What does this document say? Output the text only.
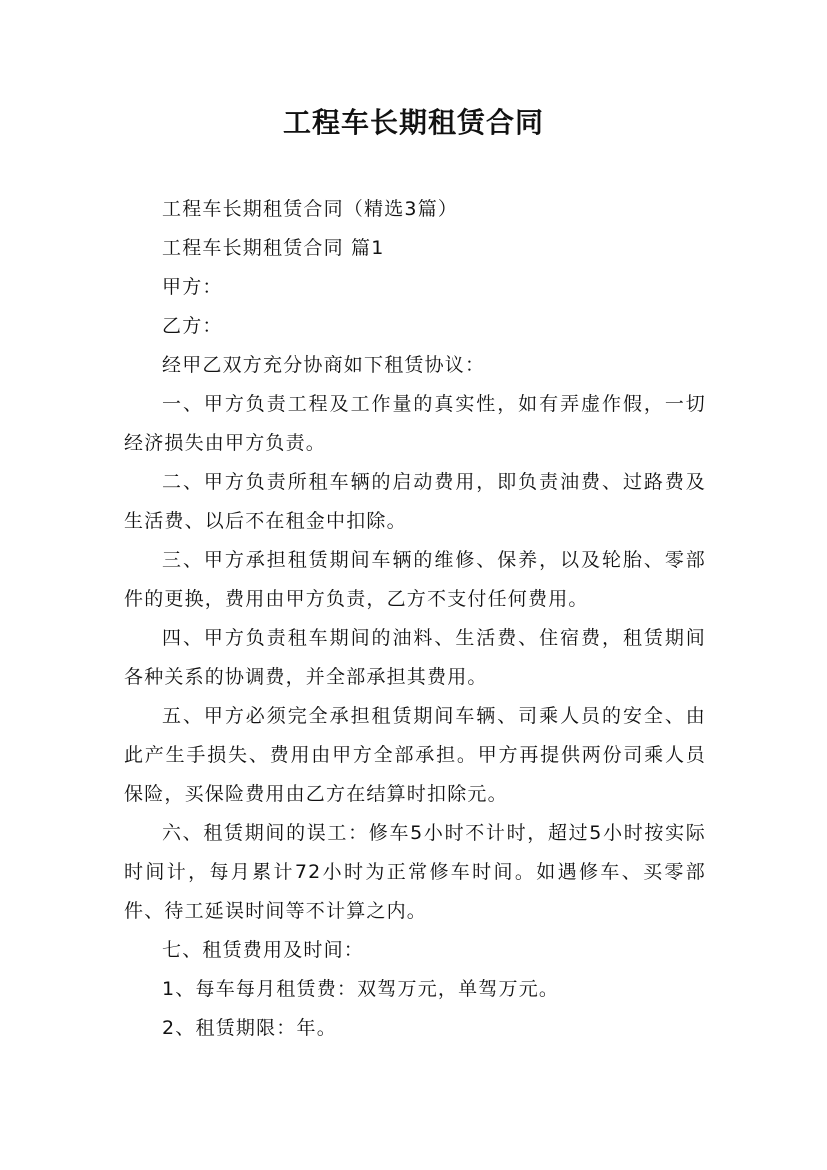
工程车长期租赁合同

工程车长期租赁合同（精选3篇）

工程车长期租赁合同 篇1

甲方：

乙方：

经甲乙双方充分协商如下租赁协议：

一、甲方负责工程及工作量的真实性，如有弄虚作假，一切经济损失由甲方负责。

二、甲方负责所租车辆的启动费用，即负责油费、过路费及生活费、以后不在租金中扣除。

三、甲方承担租赁期间车辆的维修、保养，以及轮胎、零部件的更换，费用由甲方负责，乙方不支付任何费用。

四、甲方负责租车期间的油料、生活费、住宿费，租赁期间各种关系的协调费，并全部承担其费用。

五、甲方必须完全承担租赁期间车辆、司乘人员的安全、由此产生手损失、费用由甲方全部承担。甲方再提供两份司乘人员保险，买保险费用由乙方在结算时扣除元。

六、租赁期间的误工：修车5小时不计时，超过5小时按实际时间计，每月累计72小时为正常修车时间。如遇修车、买零部件、待工延误时间等不计算之内。

七、租赁费用及时间：

1、每车每月租赁费：双驾万元，单驾万元。

2、租赁期限：年。
